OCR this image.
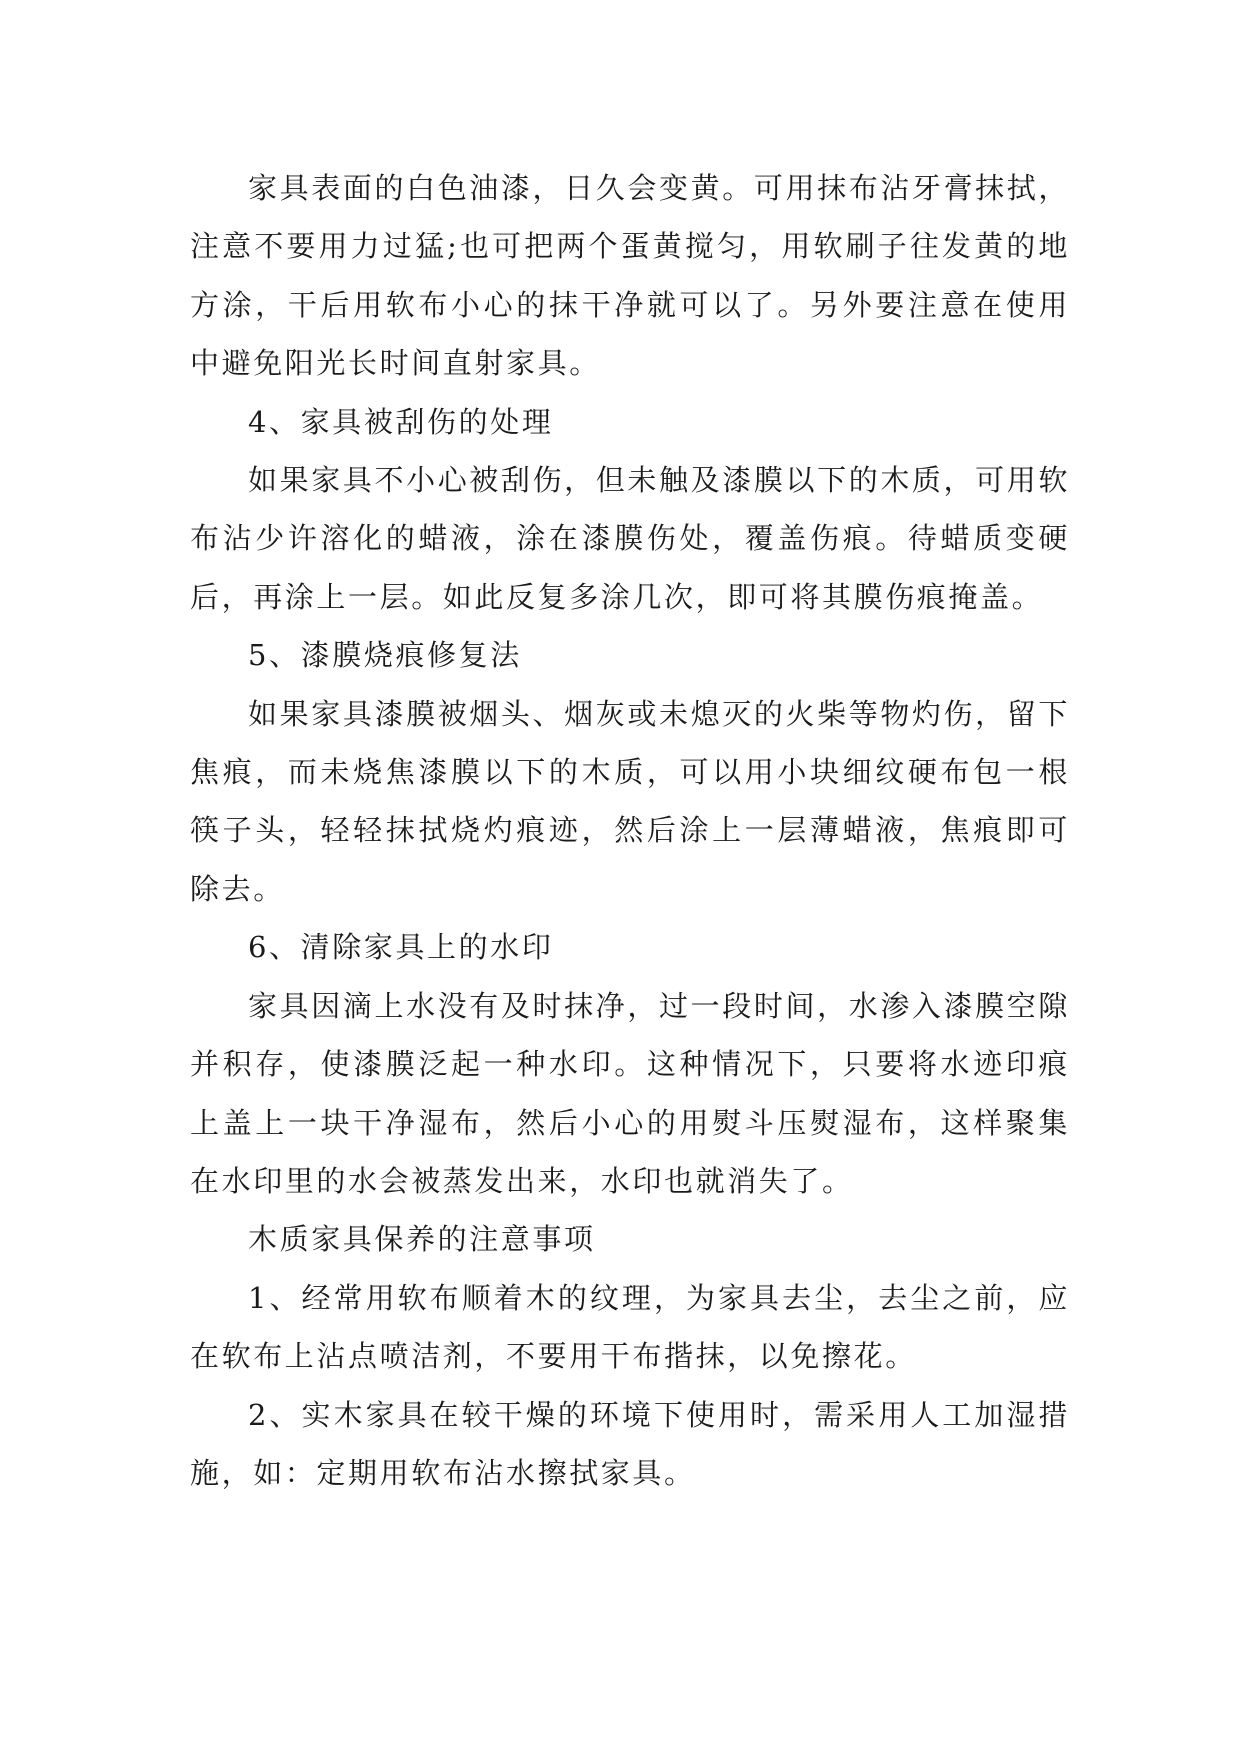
家具表面的白色油漆，日久会变黄。可用抹布沾牙膏抹拭，注意不要用力过猛;也可把两个蛋黄搅匀，用软刷子往发黄的地方涂，干后用软布小心的抹干净就可以了。另外要注意在使用中避免阳光长时间直射家具。

4、家具被刮伤的处理

如果家具不小心被刮伤，但未触及漆膜以下的木质，可用软布沾少许溶化的蜡液，涂在漆膜伤处，覆盖伤痕。待蜡质变硬后，再涂上一层。如此反复多涂几次，即可将其膜伤痕掩盖。

5、漆膜烧痕修复法

如果家具漆膜被烟头、烟灰或未熄灭的火柴等物灼伤，留下焦痕，而未烧焦漆膜以下的木质，可以用小块细纹硬布包一根筷子头，轻轻抹拭烧灼痕迹，然后涂上一层薄蜡液，焦痕即可除去。

6、清除家具上的水印

家具因滴上水没有及时抹净，过一段时间，水渗入漆膜空隙并积存，使漆膜泛起一种水印。这种情况下，只要将水迹印痕上盖上一块干净湿布，然后小心的用熨斗压熨湿布，这样聚集在水印里的水会被蒸发出来，水印也就消失了。

木质家具保养的注意事项

1、经常用软布顺着木的纹理，为家具去尘，去尘之前，应在软布上沾点喷洁剂，不要用干布揩抹，以免擦花。

2、实木家具在较干燥的环境下使用时，需采用人工加湿措施，如：定期用软布沾水擦拭家具。
